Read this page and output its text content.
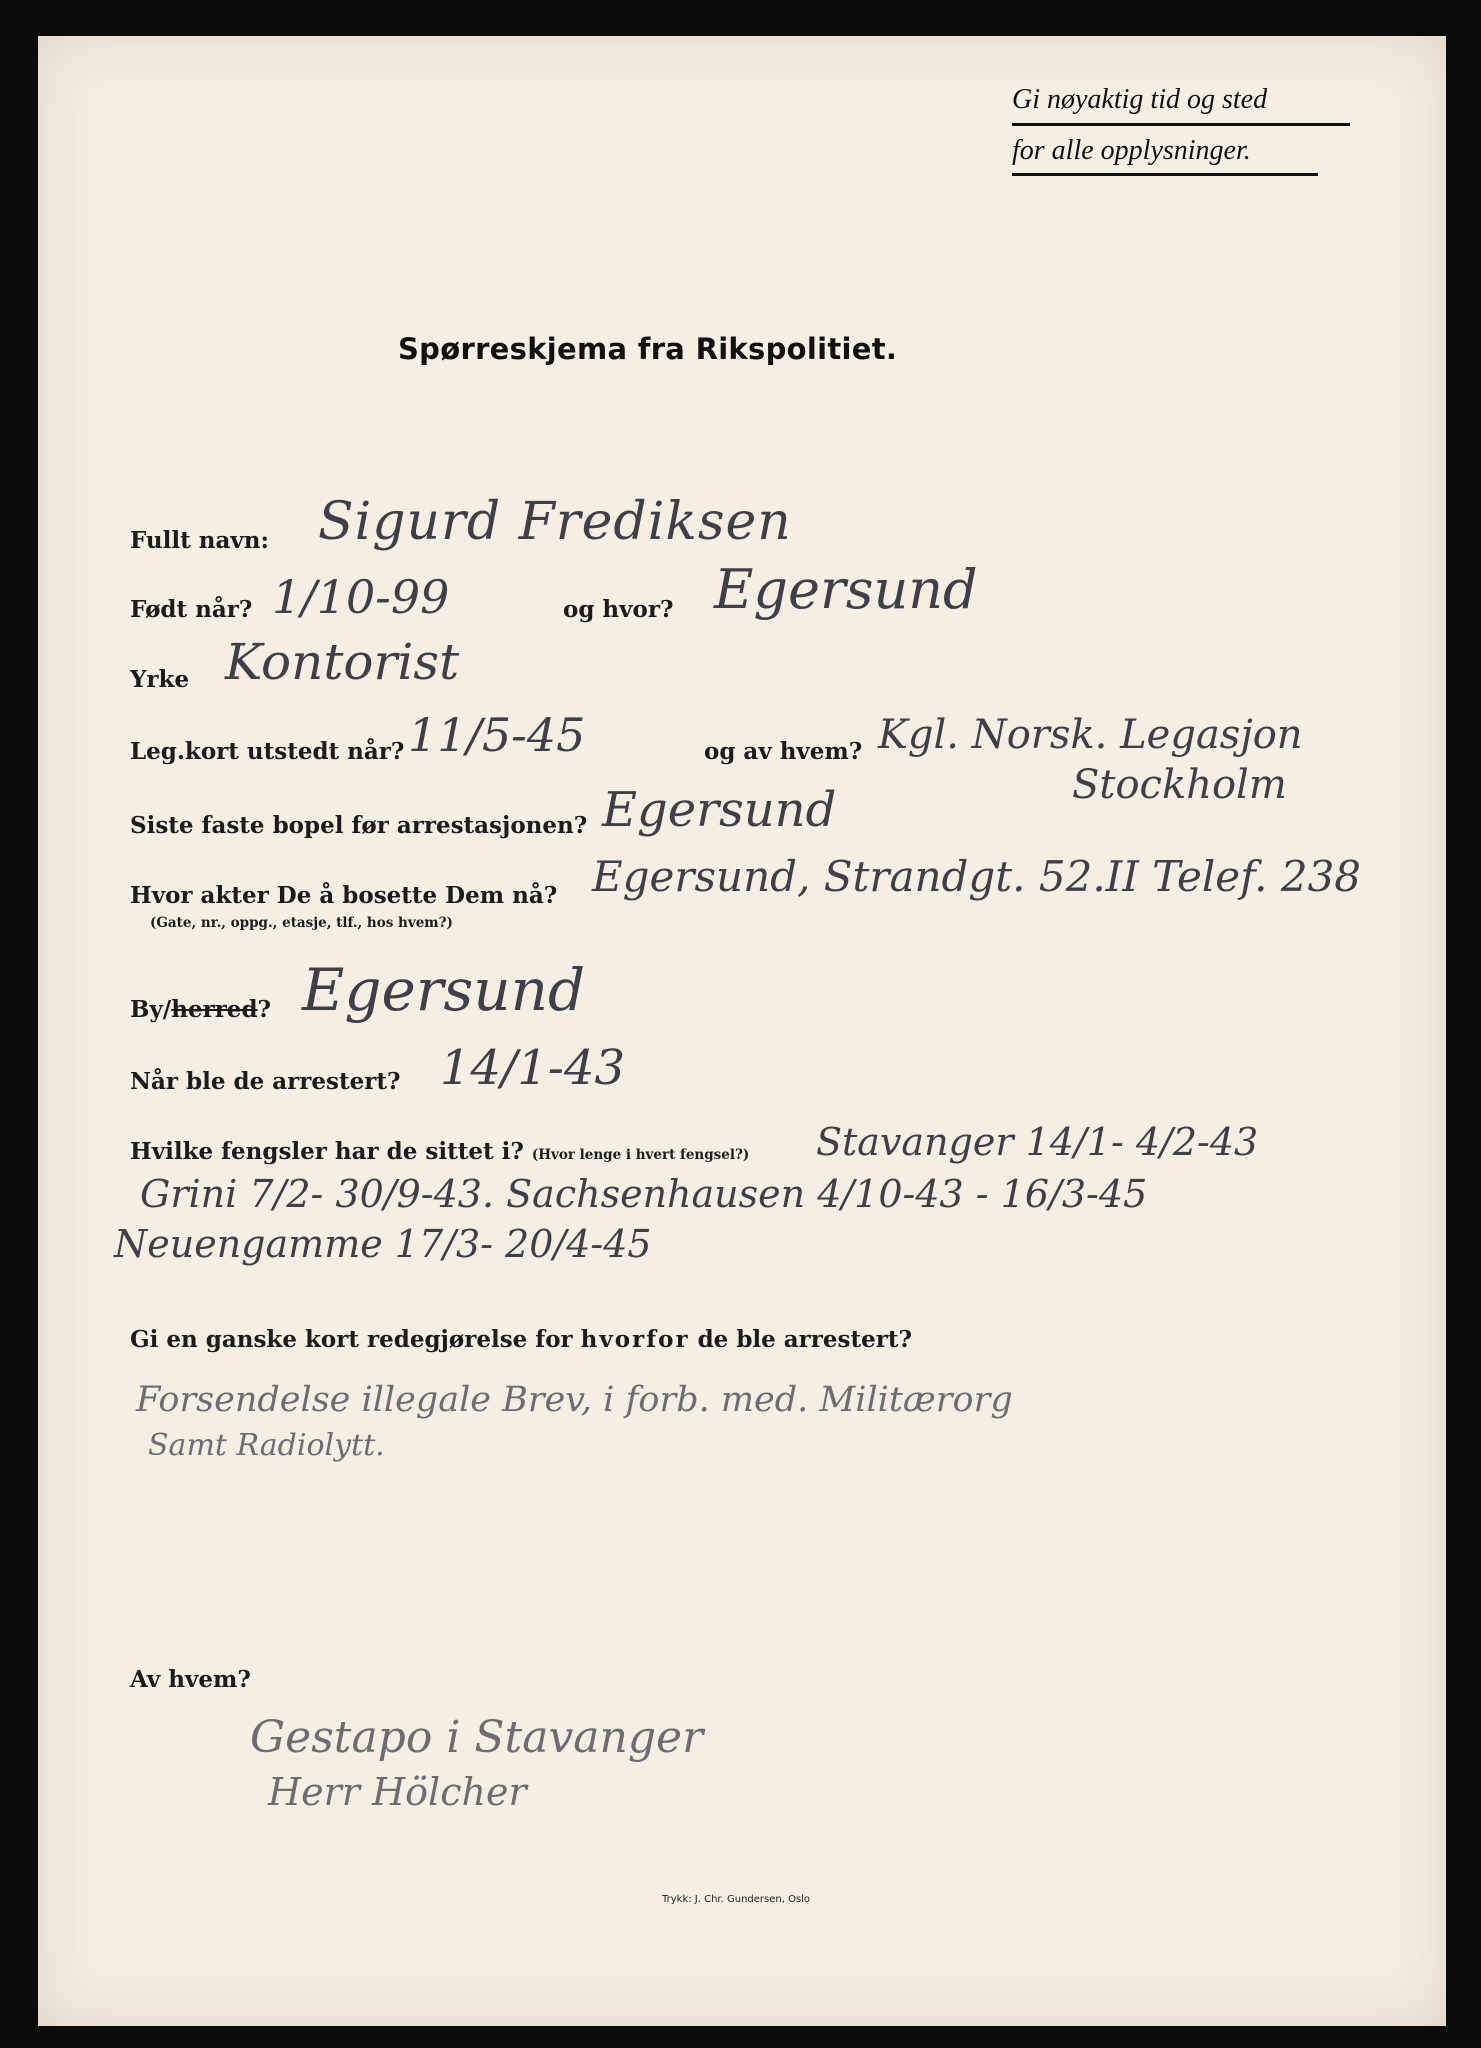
Gi nøyaktig tid og sted
for alle opplysninger.
Spørreskjema fra Rikspolitiet.
Fullt navn: Sigurd Frediksen
Født når? 1/10-99	og hvor? Egersund
Yrke Kontorist
Leg.kort utstedt når? 11/5-45	og av hvem? Kgl. Norsk. Legasjon
Stockholm
Siste faste bopel før arrestasjonen? Egersund
Hvor akter De å bosette Dem nå?
(Gate, nr., oppg., etasje, tlf., hos hvem?)
Egersund, Strandgt. 52.II Telef. 238
By/herred? Egersund
Når ble de arrestert? 14/1-43
Hvilke fengsler har de sittet i? (Hvor lenge i hvert fengsel?) Stavanger 14/1- 4/2-43
Grini 7/2- 30/9-43. Sachsenhausen 4/10-43 - 16/3-45
Neuengamme 17/3- 20/4-45
Gi en ganske kort redegjørelse for hvorfor de ble arrestert?
Forsendelse illegale Brev, i forb. med. Militærorg
Samt Radiolytt.
Av hvem?
Gestapo i Stavanger
Herr Hölcher
Trykk: J. Chr. Gundersen, Oslo
